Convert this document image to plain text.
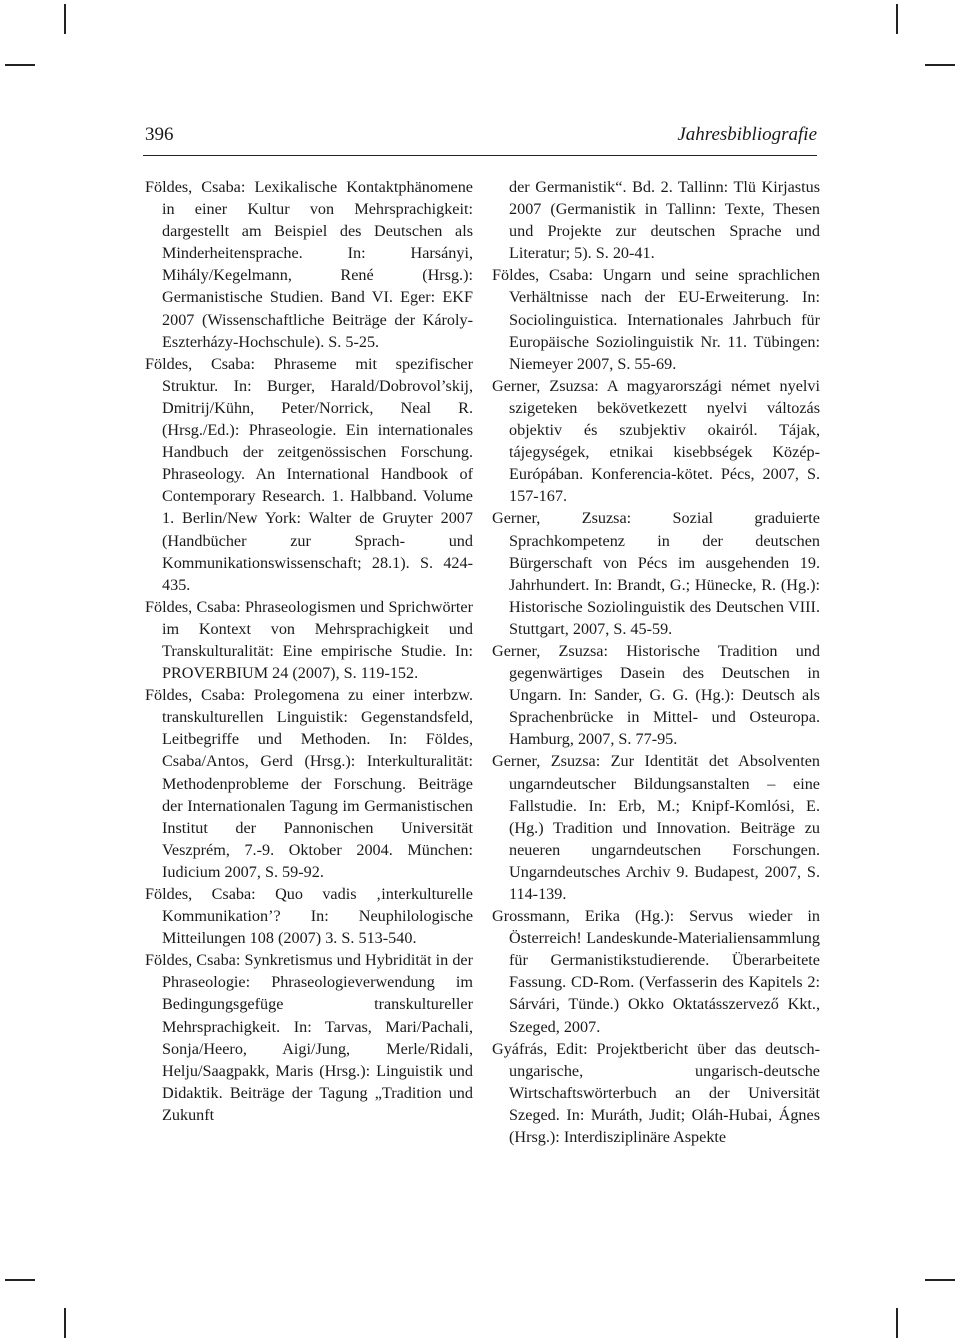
396	Jahresbibliografie

Földes, Csaba: Lexikalische Kontaktphänomene in einer Kultur von Mehrsprachigkeit: dargestellt am Beispiel des Deutschen als Minderheitensprache. In: Harsányi, Mihály/Kegelmann, René (Hrsg.): Germanistische Studien. Band VI. Eger: EKF 2007 (Wissenschaftliche Beiträge der Károly-Eszterházy-Hochschule). S. 5-25.

Földes, Csaba: Phraseme mit spezifischer Struktur. In: Burger, Harald/Dobrovol’skij, Dmitrij/Kühn, Peter/Norrick, Neal R. (Hrsg./Ed.): Phraseologie. Ein internationales Handbuch der zeitgenössischen Forschung. Phraseology. An International Handbook of Contemporary Research. 1. Halbband. Volume 1. Berlin/New York: Walter de Gruyter 2007 (Handbücher zur Sprach- und Kommunikationswissenschaft; 28.1). S. 424-435.

Földes, Csaba: Phraseologismen und Sprichwörter im Kontext von Mehrsprachigkeit und Transkulturalität: Eine empirische Studie. In: PROVERBIUM 24 (2007), S. 119-152.

Földes, Csaba: Prolegomena zu einer interbzw. transkulturellen Linguistik: Gegenstandsfeld, Leitbegriffe und Methoden. In: Földes, Csaba/Antos, Gerd (Hrsg.): Interkulturalität: Methodenprobleme der Forschung. Beiträge der Internationalen Tagung im Germanistischen Institut der Pannonischen Universität Veszprém, 7.-9. Oktober 2004. München: Iudicium 2007, S. 59-92.

Földes, Csaba: Quo vadis ‚interkulturelle Kommunikation’? In: Neuphilologische Mitteilungen 108 (2007) 3. S. 513-540.

Földes, Csaba: Synkretismus und Hybridität in der Phraseologie: Phraseologieverwendung im Bedingungsgefüge transkultureller Mehrsprachigkeit. In: Tarvas, Mari/Pachali, Sonja/Heero, Aigi/Jung, Merle/Ridali, Helju/Saagpakk, Maris (Hrsg.): Linguistik und Didaktik. Beiträge der Tagung „Tradition und Zukunft

der Germanistik“. Bd. 2. Tallinn: Tlü Kirjastus 2007 (Germanistik in Tallinn: Texte, Thesen und Projekte zur deutschen Sprache und Literatur; 5). S. 20-41.

Földes, Csaba: Ungarn und seine sprachlichen Verhältnisse nach der EU-Erweiterung. In: Sociolinguistica. Internationales Jahrbuch für Europäische Soziolinguistik Nr. 11. Tübingen: Niemeyer 2007, S. 55-69.

Gerner, Zsuzsa: A magyarországi német nyelvi szigeteken bekövetkezett nyelvi változás objektiv és szubjektiv okairól. Tájak, tájegységek, etnikai kisebbségek Közép-Európában. Konferencia-kötet. Pécs, 2007, S. 157-167.

Gerner, Zsuzsa: Sozial graduierte Sprachkompetenz in der deutschen Bürgerschaft von Pécs im ausgehenden 19. Jahrhundert. In: Brandt, G.; Hünecke, R. (Hg.): Historische Soziolinguistik des Deutschen VIII. Stuttgart, 2007, S. 45-59.

Gerner, Zsuzsa: Historische Tradition und gegenwärtiges Dasein des Deutschen in Ungarn. In: Sander, G. G. (Hg.): Deutsch als Sprachenbrücke in Mittel- und Osteuropa. Hamburg, 2007, S. 77-95.

Gerner, Zsuzsa: Zur Identität det Absolventen ungarndeutscher Bildungsanstalten – eine Fallstudie. In: Erb, M.; Knipf-Komlósi, E. (Hg.) Tradition und Innovation. Beiträge zu neueren ungarndeutschen Forschungen. Ungarndeutsches Archiv 9. Budapest, 2007, S. 114-139.

Grossmann, Erika (Hg.): Servus wieder in Österreich! Landeskunde-Materialiensammlung für Germanistikstudierende. Überarbeitete Fassung. CD-Rom. (Verfasserin des Kapitels 2: Sárvári, Tünde.) Okko Oktatásszervező Kkt., Szeged, 2007.

Gyáfrás, Edit: Projektbericht über das deutsch-ungarische, ungarisch-deutsche Wirtschaftswörterbuch an der Universität Szeged. In: Muráth, Judit; Oláh-Hubai, Ágnes (Hrsg.): Interdisziplinäre Aspekte
